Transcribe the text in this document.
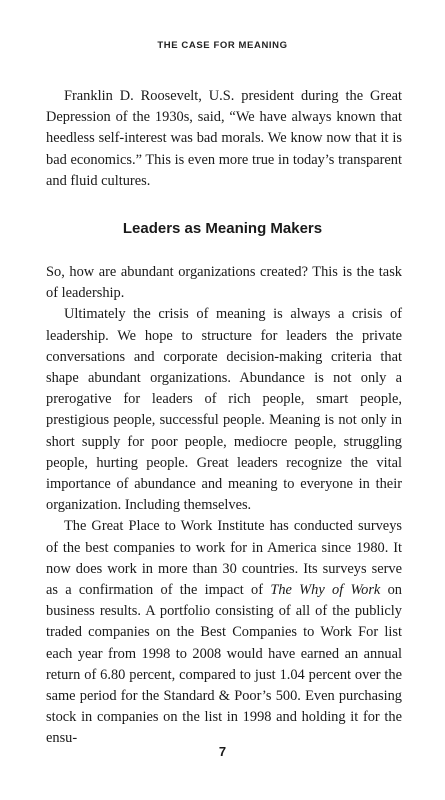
THE CASE FOR MEANING

Franklin D. Roosevelt, U.S. president during the Great Depression of the 1930s, said, “We have always known that heedless self-interest was bad morals. We know now that it is bad economics.” This is even more true in today’s transparent and fluid cultures.

Leaders as Meaning Makers

So, how are abundant organizations created? This is the task of leadership.

Ultimately the crisis of meaning is always a crisis of leadership. We hope to structure for leaders the private conversations and corporate decision-making criteria that shape abundant organizations. Abundance is not only a prerogative for leaders of rich people, smart people, prestigious people, successful people. Meaning is not only in short supply for poor people, mediocre people, struggling people, hurting people. Great leaders recognize the vital importance of abundance and meaning to everyone in their organization. Including themselves.

The Great Place to Work Institute has conducted surveys of the best companies to work for in America since 1980. It now does work in more than 30 countries. Its surveys serve as a confirmation of the impact of The Why of Work on business results. A portfolio consisting of all of the publicly traded companies on the Best Companies to Work For list each year from 1998 to 2008 would have earned an annual return of 6.80 percent, compared to just 1.04 percent over the same period for the Standard & Poor’s 500. Even purchasing stock in companies on the list in 1998 and holding it for the ensu-

7
